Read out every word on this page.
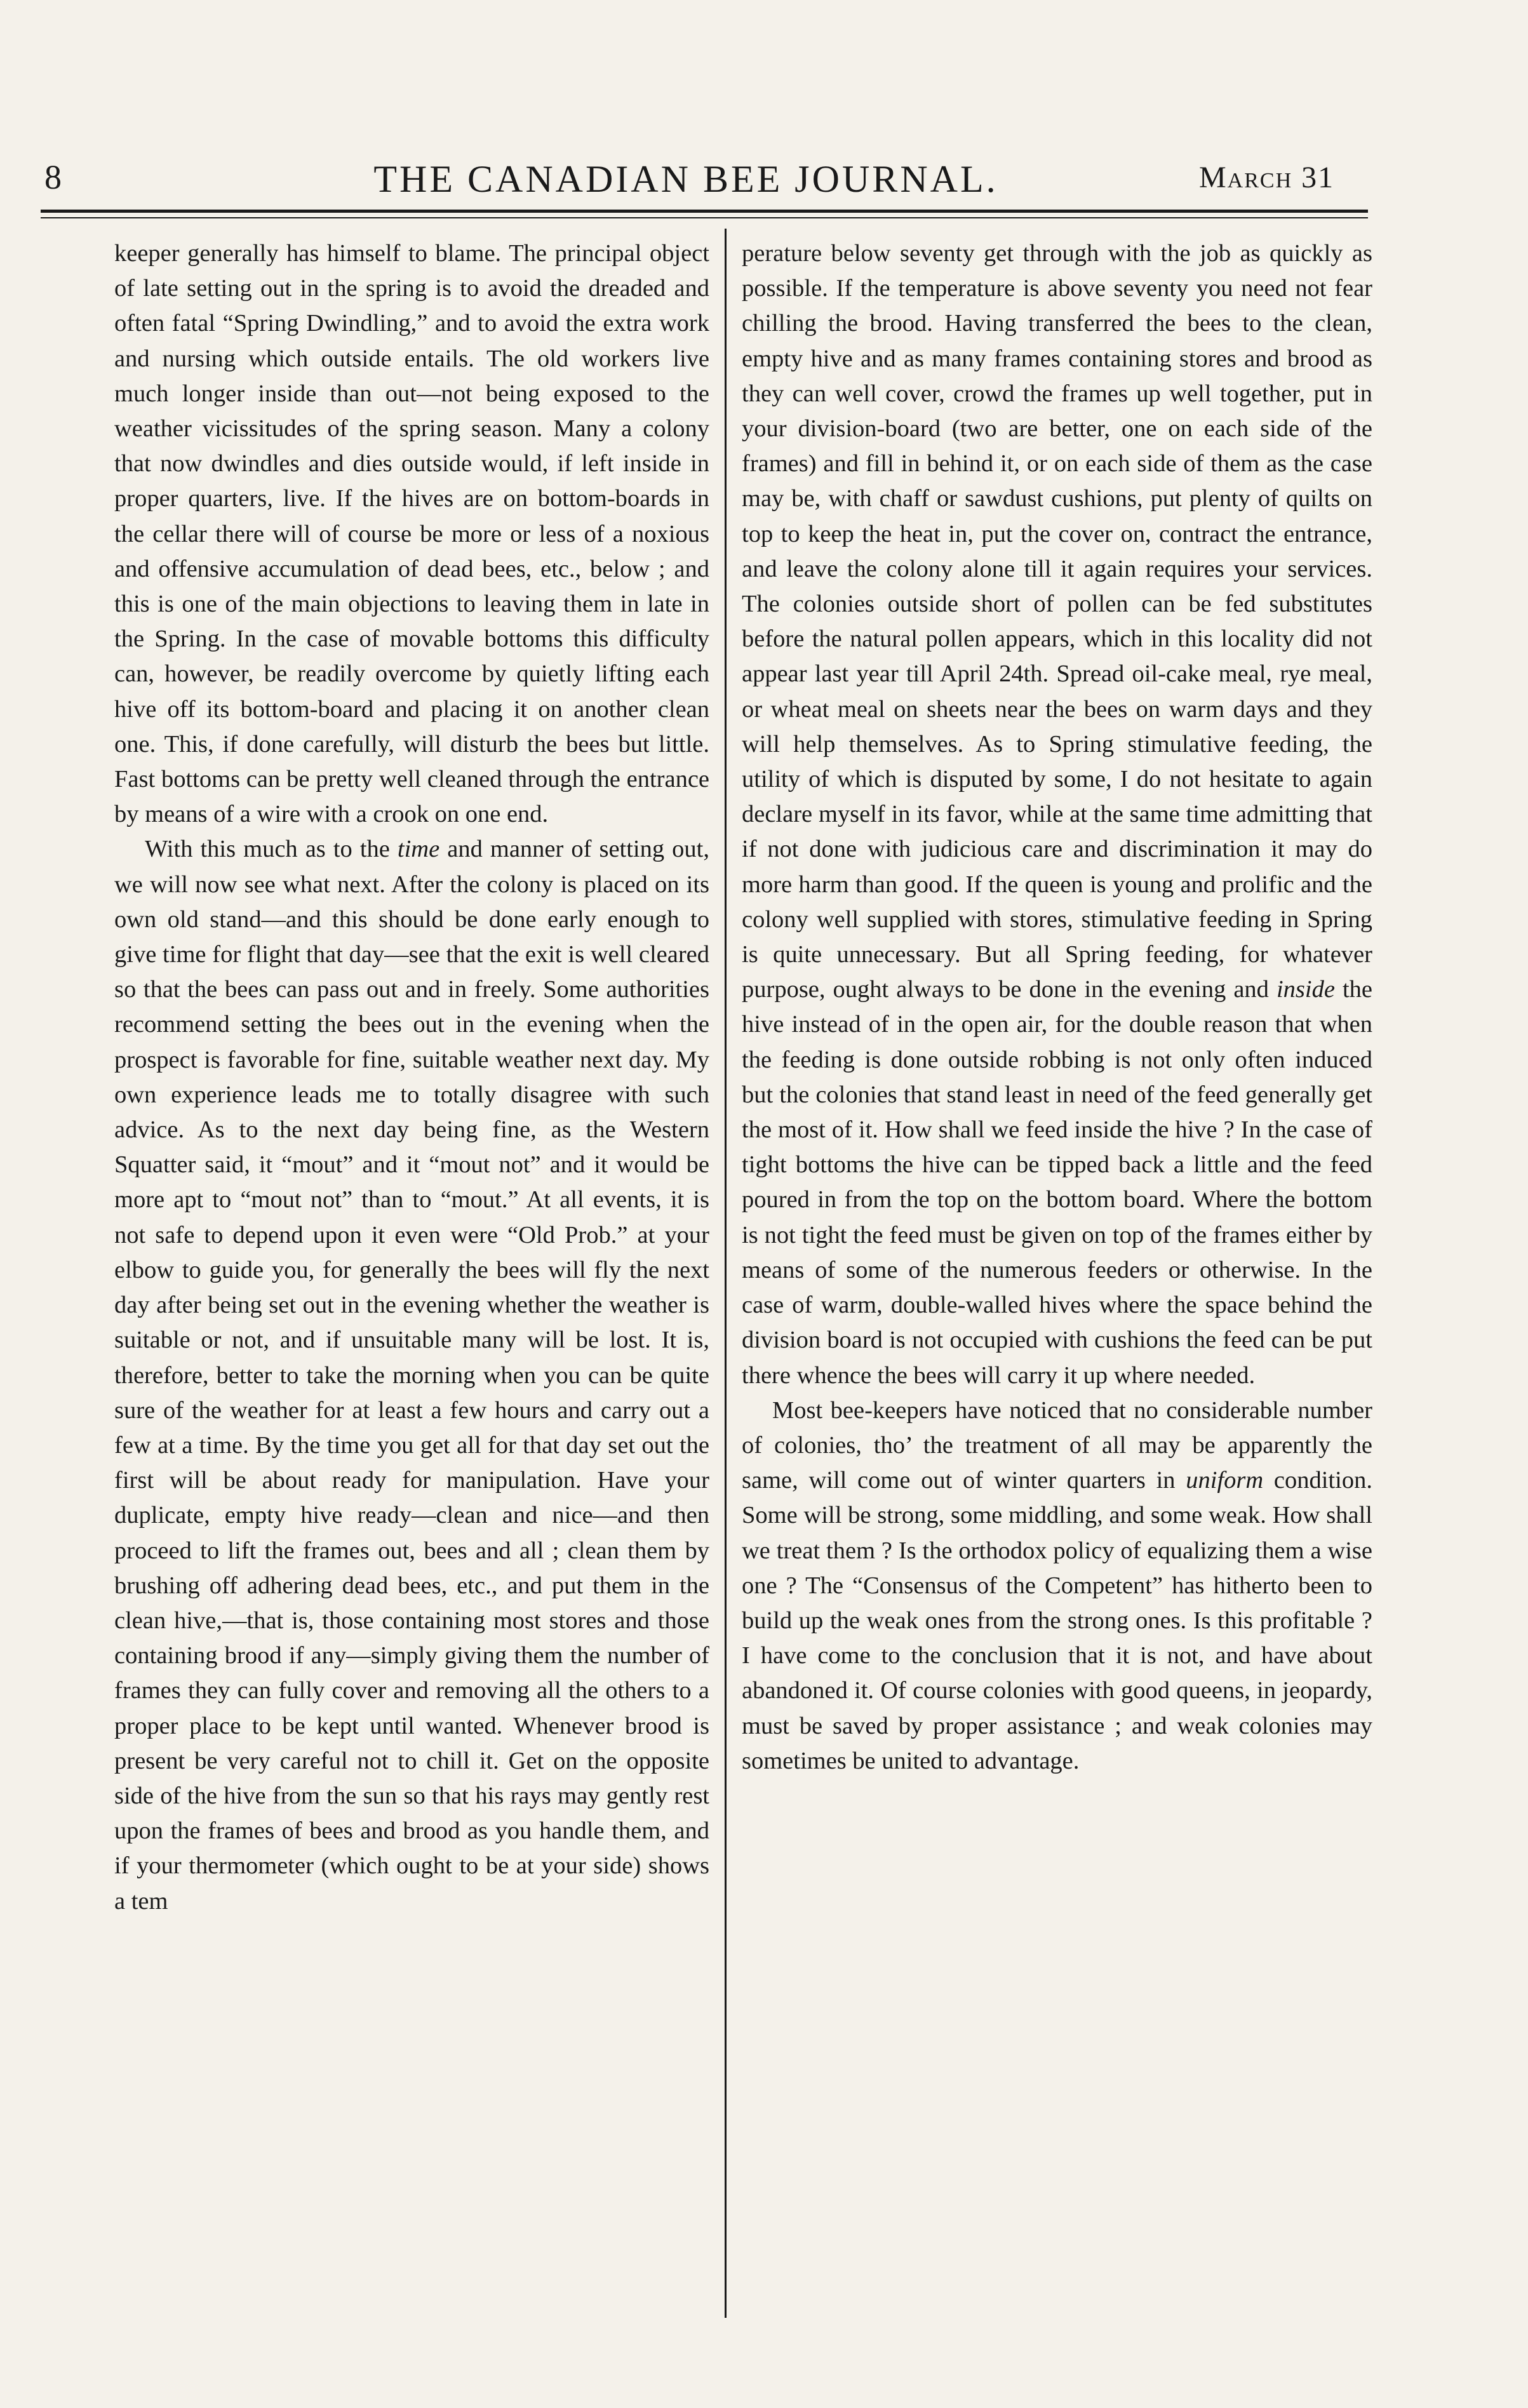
8	THE CANADIAN BEE JOURNAL.	March 31

keeper generally has himself to blame. The principal object of late setting out in the spring is to avoid the dreaded and often fatal “Spring Dwindling,” and to avoid the extra work and nursing which outside entails. The old workers live much longer inside than out—not being exposed to the weather vicissitudes of the spring season. Many a colony that now dwindles and dies outside would, if left inside in proper quarters, live. If the hives are on bottom-boards in the cellar there will of course be more or less of a noxious and offensive accumulation of dead bees, etc., below ; and this is one of the main objections to leaving them in late in the Spring. In the case of movable bottoms this difficulty can, however, be readily overcome by quietly lifting each hive off its bottom-board and placing it on another clean one. This, if done carefully, will disturb the bees but little. Fast bottoms can be pretty well cleaned through the entrance by means of a wire with a crook on one end.

With this much as to the time and manner of setting out, we will now see what next. After the colony is placed on its own old stand—and this should be done early enough to give time for flight that day—see that the exit is well cleared so that the bees can pass out and in freely. Some authorities recommend setting the bees out in the evening when the prospect is favorable for fine, suitable weather next day. My own experience leads me to totally disagree with such advice. As to the next day being fine, as the Western Squatter said, it “mout” and it “mout not” and it would be more apt to “mout not” than to “mout.” At all events, it is not safe to depend upon it even were “Old Prob.” at your elbow to guide you, for generally the bees will fly the next day after being set out in the evening whether the weather is suitable or not, and if unsuitable many will be lost. It is, therefore, better to take the morning when you can be quite sure of the weather for at least a few hours and carry out a few at a time. By the time you get all for that day set out the first will be about ready for manipulation. Have your duplicate, empty hive ready—clean and nice—and then proceed to lift the frames out, bees and all ; clean them by brushing off adhering dead bees, etc., and put them in the clean hive,—that is, those containing most stores and those containing brood if any—simply giving them the number of frames they can fully cover and removing all the others to a proper place to be kept until wanted. Whenever brood is present be very careful not to chill it. Get on the opposite side of the hive from the sun so that his rays may gently rest upon the frames of bees and brood as you handle them, and if your thermometer (which ought to be at your side) shows a tem

perature below seventy get through with the job as quickly as possible. If the temperature is above seventy you need not fear chilling the brood. Having transferred the bees to the clean, empty hive and as many frames containing stores and brood as they can well cover, crowd the frames up well together, put in your division-board (two are better, one on each side of the frames) and fill in behind it, or on each side of them as the case may be, with chaff or sawdust cushions, put plenty of quilts on top to keep the heat in, put the cover on, contract the entrance, and leave the colony alone till it again requires your services. The colonies outside short of pollen can be fed substitutes before the natural pollen appears, which in this locality did not appear last year till April 24th. Spread oil-cake meal, rye meal, or wheat meal on sheets near the bees on warm days and they will help themselves. As to Spring stimulative feeding, the utility of which is disputed by some, I do not hesitate to again declare myself in its favor, while at the same time admitting that if not done with judicious care and discrimination it may do more harm than good. If the queen is young and prolific and the colony well supplied with stores, stimulative feeding in Spring is quite unnecessary. But all Spring feeding, for whatever purpose, ought always to be done in the evening and inside the hive instead of in the open air, for the double reason that when the feeding is done outside robbing is not only often induced but the colonies that stand least in need of the feed generally get the most of it. How shall we feed inside the hive ? In the case of tight bottoms the hive can be tipped back a little and the feed poured in from the top on the bottom board. Where the bottom is not tight the feed must be given on top of the frames either by means of some of the numerous feeders or otherwise. In the case of warm, double-walled hives where the space behind the division board is not occupied with cushions the feed can be put there whence the bees will carry it up where needed.

Most bee-keepers have noticed that no considerable number of colonies, tho’ the treatment of all may be apparently the same, will come out of winter quarters in uniform condition. Some will be strong, some middling, and some weak. How shall we treat them ? Is the orthodox policy of equalizing them a wise one ? The “Consensus of the Competent” has hitherto been to build up the weak ones from the strong ones. Is this profitable ? I have come to the conclusion that it is not, and have about abandoned it. Of course colonies with good queens, in jeopardy, must be saved by proper assistance ; and weak colonies may sometimes be united to advantage.
